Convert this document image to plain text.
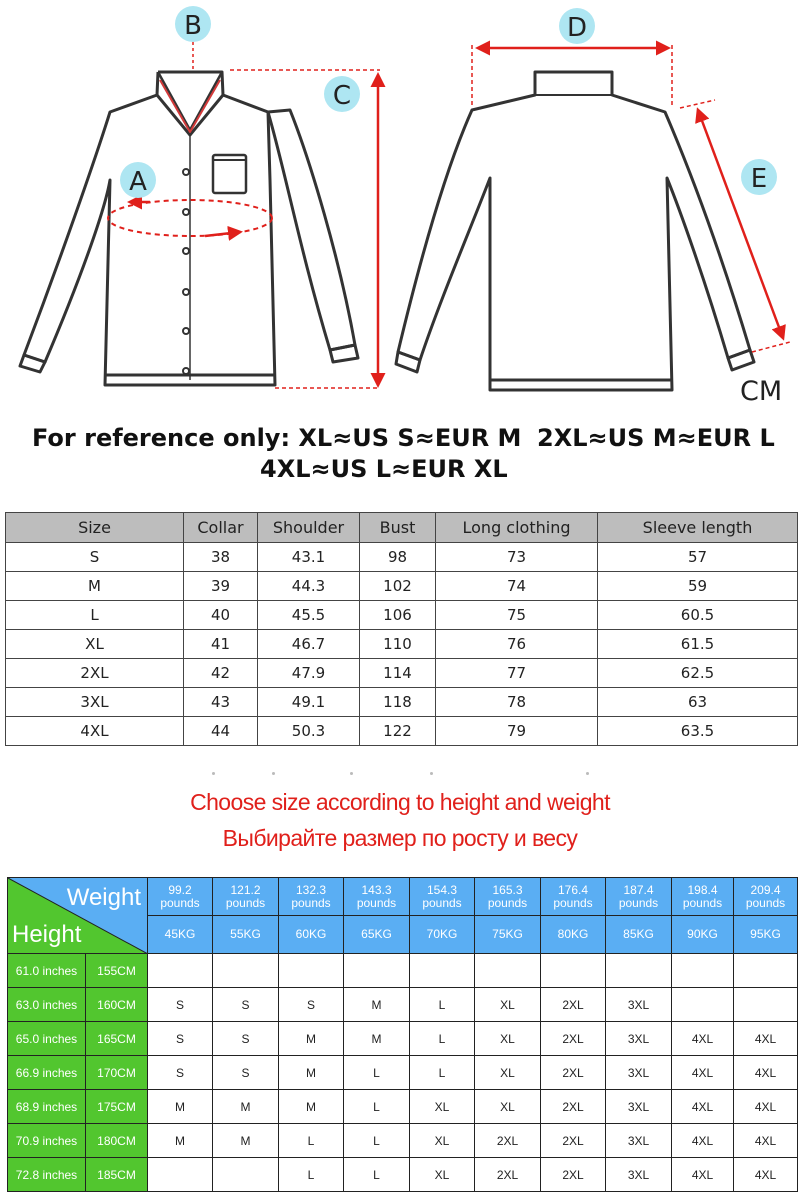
A
B
C
D
E
CM
For reference only: XL≈US S≈EUR M 2XL≈US M≈EUR L
4XL≈US L≈EUR XL
Size	Collar	Shoulder	Bust	Long clothing	Sleeve length
S	38	43.1	98	73	57
M	39	44.3	102	74	59
L	40	45.5	106	75	60.5
XL	41	46.7	110	76	61.5
2XL	42	47.9	114	77	62.5
3XL	43	49.1	118	78	63
4XL	44	50.3	122	79	63.5
Choose size according to height and weight
Выбирайте размер по росту и весу
Weight
Height		99.2 pounds	121.2 pounds	132.3 pounds	143.3 pounds	154.3 pounds	165.3 pounds	176.4 pounds	187.4 pounds	198.4 pounds	209.4 pounds
		45KG	55KG	60KG	65KG	70KG	75KG	80KG	85KG	90KG	95KG
61.0 inches	155CM										
63.0 inches	160CM	S	S	S	M	L	XL	2XL	3XL		
65.0 inches	165CM	S	S	M	M	L	XL	2XL	3XL	4XL	4XL
66.9 inches	170CM	S	S	M	L	L	XL	2XL	3XL	4XL	4XL
68.9 inches	175CM	M	M	M	L	XL	XL	2XL	3XL	4XL	4XL
70.9 inches	180CM	M	M	L	L	XL	2XL	2XL	3XL	4XL	4XL
72.8 inches	185CM			L	L	XL	2XL	2XL	3XL	4XL	4XL
